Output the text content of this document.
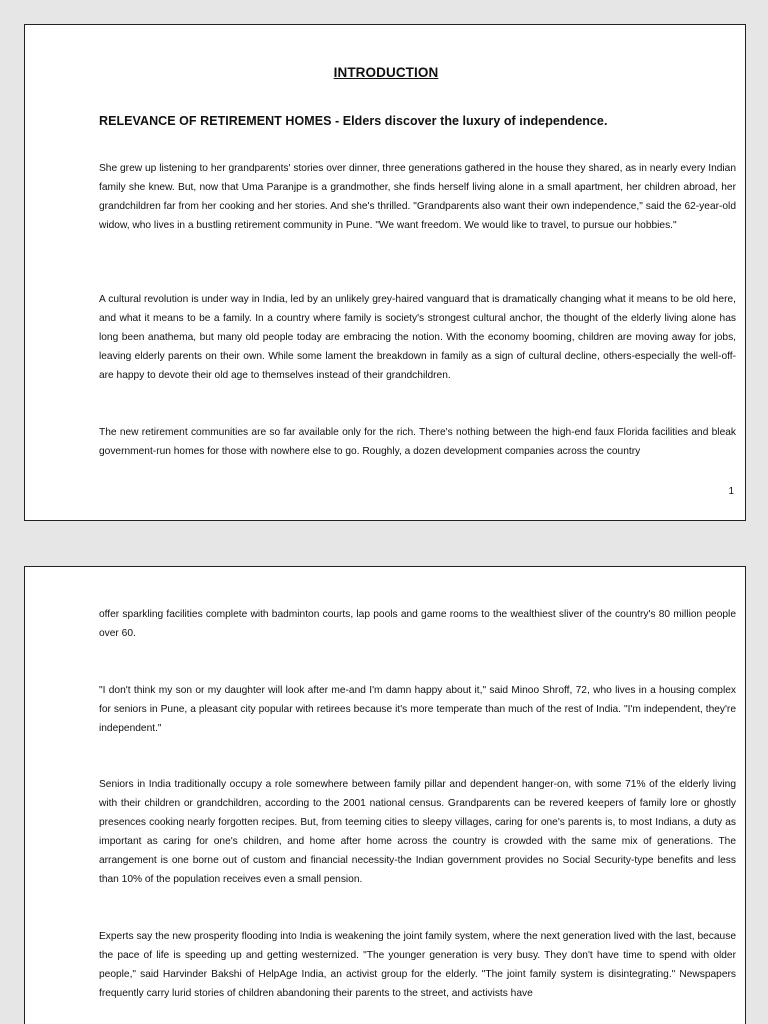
INTRODUCTION
RELEVANCE OF RETIREMENT HOMES - Elders discover the luxury of independence.

She grew up listening to her grandparents' stories over dinner, three generations gathered in the house they shared, as in nearly every Indian family she knew. But, now that Uma Paranjpe is a grandmother, she finds herself living alone in a small apartment, her children abroad, her grandchildren far from her cooking and her stories. And she's thrilled. "Grandparents also want their own independence," said the 62-year-old widow, who lives in a bustling retirement community in Pune. "We want freedom. We would like to travel, to pursue our hobbies."

A cultural revolution is under way in India, led by an unlikely grey-haired vanguard that is dramatically changing what it means to be old here, and what it means to be a family. In a country where family is society's strongest cultural anchor, the thought of the elderly living alone has long been anathema, but many old people today are embracing the notion. With the economy booming, children are moving away for jobs, leaving elderly parents on their own. While some lament the breakdown in family as a sign of cultural decline, others-especially the well-off-are happy to devote their old age to themselves instead of their grandchildren.

The new retirement communities are so far available only for the rich. There's nothing between the high-end faux Florida facilities and bleak government-run homes for those with nowhere else to go. Roughly, a dozen development companies across the country

1

offer sparkling facilities complete with badminton courts, lap pools and game rooms to the wealthiest sliver of the country's 80 million people over 60.

"I don't think my son or my daughter will look after me-and I'm damn happy about it," said Minoo Shroff, 72, who lives in a housing complex for seniors in Pune, a pleasant city popular with retirees because it's more temperate than much of the rest of India. "I'm independent, they're independent."

Seniors in India traditionally occupy a role somewhere between family pillar and dependent hanger-on, with some 71% of the elderly living with their children or grandchildren, according to the 2001 national census. Grandparents can be revered keepers of family lore or ghostly presences cooking nearly forgotten recipes. But, from teeming cities to sleepy villages, caring for one's parents is, to most Indians, a duty as important as caring for one's children, and home after home across the country is crowded with the same mix of generations. The arrangement is one borne out of custom and financial necessity-the Indian government provides no Social Security-type benefits and less than 10% of the population receives even a small pension.

Experts say the new prosperity flooding into India is weakening the joint family system, where the next generation lived with the last, because the pace of life is speeding up and getting westernized. "The younger generation is very busy. They don't have time to spend with older people," said Harvinder Bakshi of HelpAge India, an activist group for the elderly. "The joint family system is disintegrating." Newspapers frequently carry lurid stories of children abandoning their parents to the street, and activists have
